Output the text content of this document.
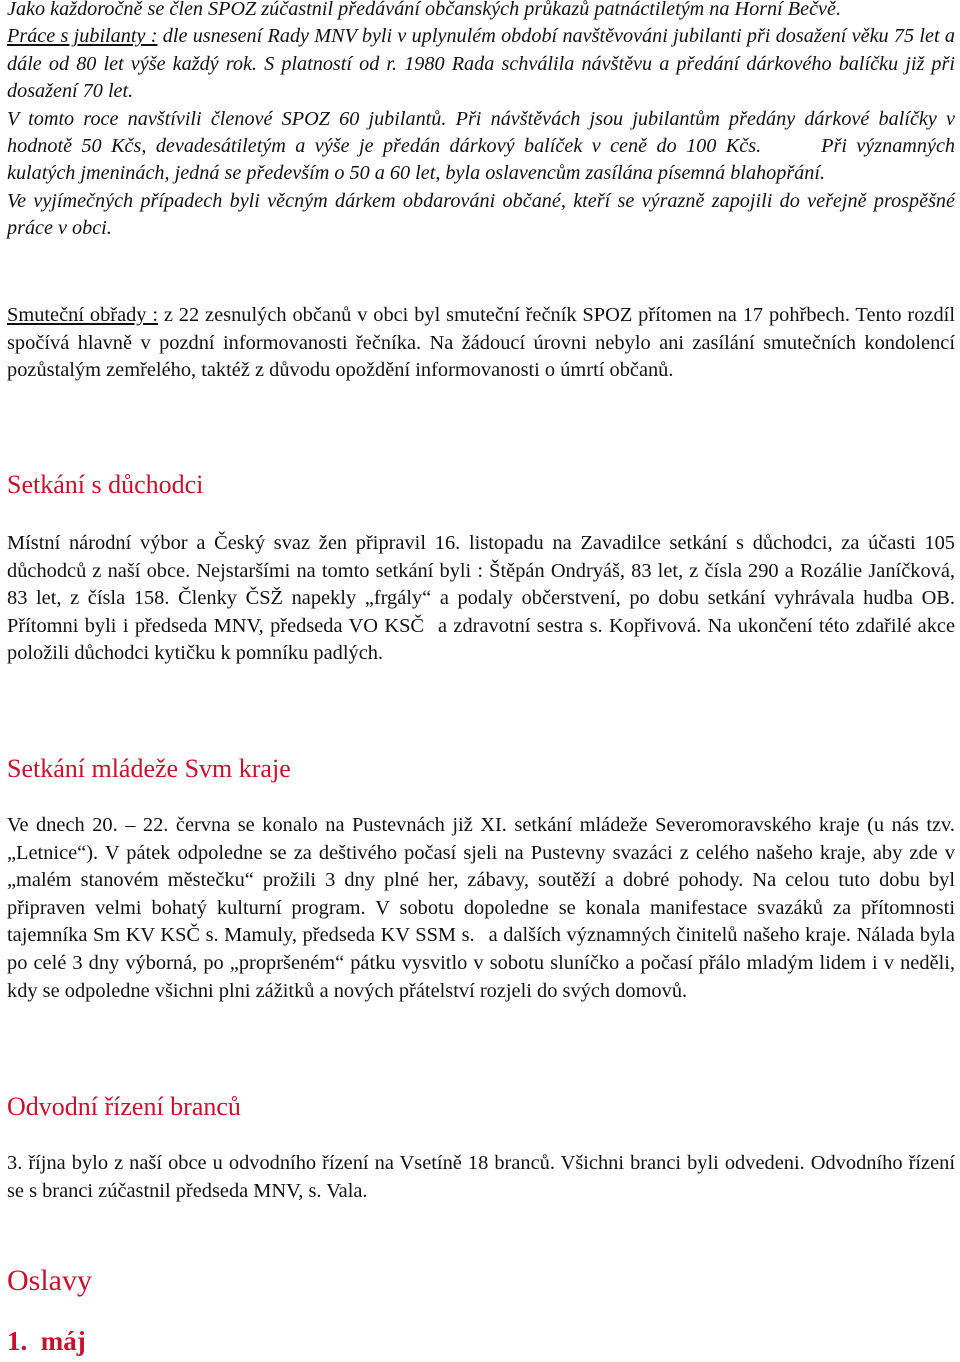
Jako každoročně se člen SPOZ zúčastnil předávání občanských průkazů patnáctiletým na Horní Bečvě.

Práce s jubilanty : dle usnesení Rady MNV byli v uplynulém období navštěvováni jubilanti při dosažení věku 75 let a dále od 80 let výše každý rok. S platností od r. 1980 Rada schválila návštěvu a předání dárkového balíčku již při dosažení 70 let.

V tomto roce navštívili členové SPOZ 60 jubilantů. Při návštěvách jsou jubilantům předány dárkové balíčky v hodnotě 50 Kčs, devadesátiletým a výše je předán dárkový balíček v ceně do 100 Kčs.	Při významných kulatých jmeninách, jedná se především o 50 a 60 let, byla oslavencům zasílána písemná blahopřání.

Ve vyjímečných případech byli věcným dárkem obdarováni občané, kteří se výrazně zapojili do veřejně prospěšné práce v obci.

Smuteční obřady : z 22 zesnulých občanů v obci byl smuteční řečník SPOZ přítomen na 17 pohřbech. Tento rozdíl spočívá hlavně v pozdní informovanosti řečníka. Na žádoucí úrovni nebylo ani zasílání smutečních kondolencí pozůstalým zemřelého, taktéž z důvodu opoždění informovanosti o úmrtí občanů.

Setkání s důchodci

Místní národní výbor a Český svaz žen připravil 16. listopadu na Zavadilce setkání s důchodci, za účasti 105 důchodců z naší obce. Nejstaršími na tomto setkání byli : Štěpán Ondryáš, 83 let, z čísla 290 a Rozálie Janíčková, 83 let, z čísla 158. Členky ČSŽ napekly „frgály“ a podaly občerstvení, po dobu setkání vyhrávala hudba OB. Přítomni byli i předseda MNV, předseda VO KSČ a zdravotní sestra s. Kopřivová. Na ukončení této zdařilé akce položili důchodci kytičku k pomníku padlých.

Setkání mládeže Svm kraje

Ve dnech 20. – 22. června se konalo na Pustevnách již XI. setkání mládeže Severomoravského kraje (u nás tzv. „Letnice“). V pátek odpoledne se za deštivého počasí sjeli na Pustevny svazáci z celého našeho kraje, aby zde v „malém stanovém městečku“ prožili 3 dny plné her, zábavy, soutěží a dobré pohody. Na celou tuto dobu byl připraven velmi bohatý kulturní program. V sobotu dopoledne se konala manifestace svazáků za přítomnosti tajemníka Sm KV KSČ s. Mamuly, předseda KV SSM s. a dalších významných činitelů našeho kraje. Nálada byla po celé 3 dny výborná, po „propršeném“ pátku vysvitlo v sobotu sluníčko a počasí přálo mladým lidem i v neděli, kdy se odpoledne všichni plni zážitků a nových přátelství rozjeli do svých domovů.

Odvodní řízení branců

3. října bylo z naší obce u odvodního řízení na Vsetíně 18 branců. Všichni branci byli odvedeni. Odvodního řízení se s branci zúčastnil předseda MNV, s. Vala.

Oslavy
1.  máj
